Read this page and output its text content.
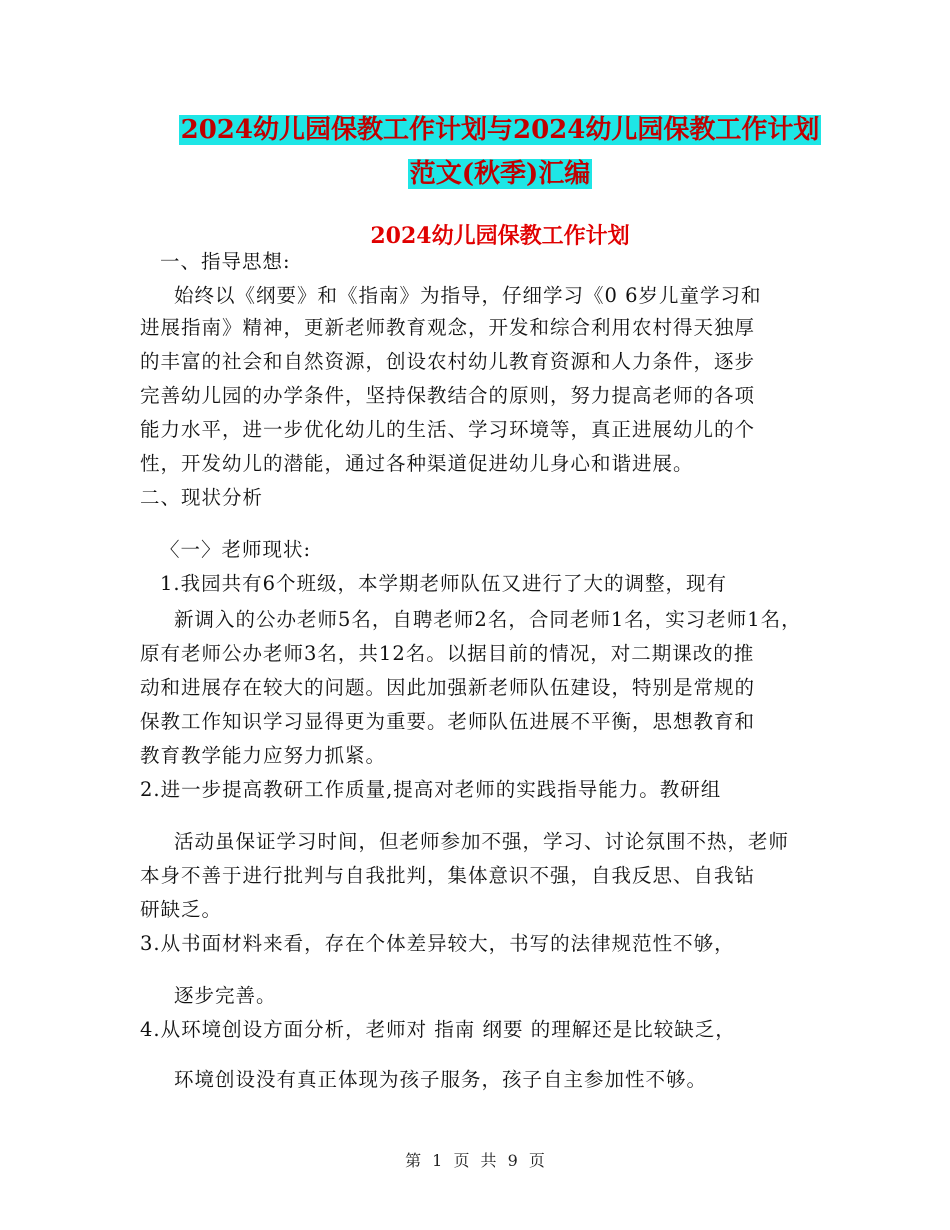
2024幼儿园保教工作计划与2024幼儿园保教工作计划
范文(秋季)汇编
2024幼儿园保教工作计划
一、指导思想:
始终以《纲要》和《指南》为指导，仔细学习《0 6岁儿童学习和
进展指南》精神，更新老师教育观念，开发和综合利用农村得天独厚
的丰富的社会和自然资源，创设农村幼儿教育资源和人力条件，逐步
完善幼儿园的办学条件，坚持保教结合的原则，努力提高老师的各项
能力水平，进一步优化幼儿的生活、学习环境等，真正进展幼儿的个
性，开发幼儿的潜能，通过各种渠道促进幼儿身心和谐进展。
二、现状分析
〈一〉老师现状:
1.我园共有6个班级，本学期老师队伍又进行了大的调整，现有
新调入的公办老师5名，自聘老师2名，合同老师1名，实习老师1名，
原有老师公办老师3名，共12名。以据目前的情况，对二期课改的推
动和进展存在较大的问题。因此加强新老师队伍建设，特别是常规的
保教工作知识学习显得更为重要。老师队伍进展不平衡，思想教育和
教育教学能力应努力抓紧。
2.进一步提高教研工作质量,提高对老师的实践指导能力。教研组
活动虽保证学习时间，但老师参加不强，学习、讨论氛围不热，老师
本身不善于进行批判与自我批判，集体意识不强，自我反思、自我钻
研缺乏。
3.从书面材料来看，存在个体差异较大，书写的法律规范性不够，
逐步完善。
4.从环境创设方面分析，老师对 指南 纲要 的理解还是比较缺乏，
环境创设没有真正体现为孩子服务，孩子自主参加性不够。
第 1 页 共 9 页
